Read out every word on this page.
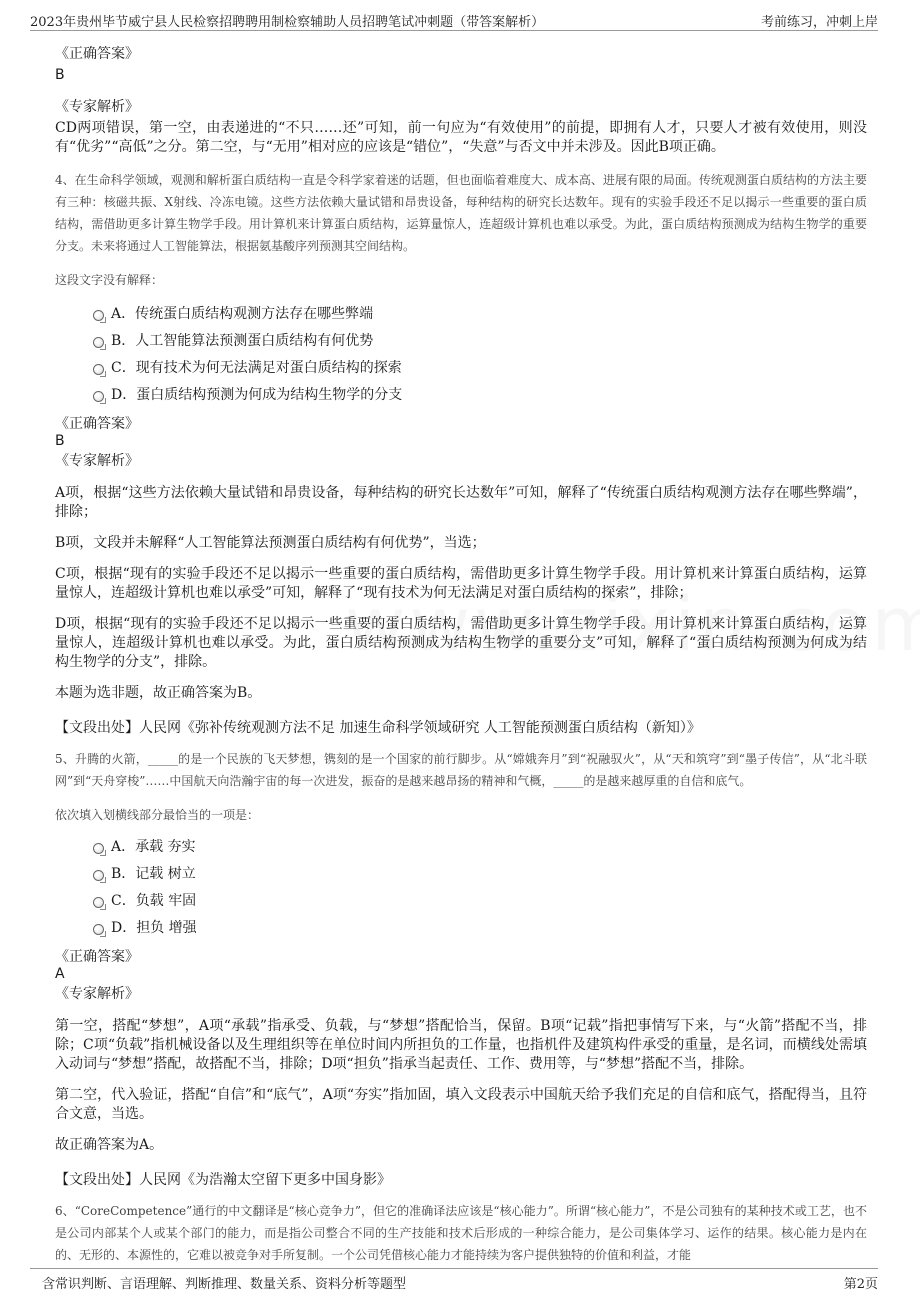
2023年贵州毕节威宁县人民检察招聘聘用制检察辅助人员招聘笔试冲刺题（带答案解析）	考前练习，冲刺上岸
《正确答案》
B
《专家解析》
CD两项错误，第一空，由表递进的“不只……还”可知，前一句应为“有效使用”的前提，即拥有人才，只要人才被有效使用，则没有“优劣”“高低”之分。第二空，与“无用”相对应的应该是“错位”，“失意”与否文中并未涉及。因此B项正确。
4、在生命科学领域，观测和解析蛋白质结构一直是令科学家着迷的话题，但也面临着难度大、成本高、进展有限的局面。传统观测蛋白质结构的方法主要有三种：核磁共振、X射线、冷冻电镜。这些方法依赖大量试错和昂贵设备，每种结构的研究长达数年。现有的实验手段还不足以揭示一些重要的蛋白质结构，需借助更多计算生物学手段。用计算机来计算蛋白质结构，运算量惊人，连超级计算机也难以承受。为此，蛋白质结构预测成为结构生物学的重要分支。未来将通过人工智能算法，根据氨基酸序列预测其空间结构。
这段文字没有解释：
A．传统蛋白质结构观测方法存在哪些弊端
B．人工智能算法预测蛋白质结构有何优势
C．现有技术为何无法满足对蛋白质结构的探索
D．蛋白质结构预测为何成为结构生物学的分支
《正确答案》
B
《专家解析》
A项，根据“这些方法依赖大量试错和昂贵设备，每种结构的研究长达数年”可知，解释了“传统蛋白质结构观测方法存在哪些弊端”，排除；
B项，文段并未解释“人工智能算法预测蛋白质结构有何优势”，当选；
C项，根据“现有的实验手段还不足以揭示一些重要的蛋白质结构，需借助更多计算生物学手段。用计算机来计算蛋白质结构，运算量惊人，连超级计算机也难以承受”可知，解释了“现有技术为何无法满足对蛋白质结构的探索”，排除；
D项，根据“现有的实验手段还不足以揭示一些重要的蛋白质结构，需借助更多计算生物学手段。用计算机来计算蛋白质结构，运算量惊人，连超级计算机也难以承受。为此，蛋白质结构预测成为结构生物学的重要分支”可知，解释了“蛋白质结构预测为何成为结构生物学的分支”，排除。
本题为选非题，故正确答案为B。
【文段出处】人民网《弥补传统观测方法不足 加速生命科学领域研究 人工智能预测蛋白质结构（新知）》
5、升腾的火箭，_____的是一个民族的飞天梦想，镌刻的是一个国家的前行脚步。从“嫦娥奔月”到“祝融驭火”，从“天和筑穹”到“墨子传信”，从“北斗联网”到“天舟穿梭”……中国航天向浩瀚宇宙的每一次进发，振奋的是越来越昂扬的精神和气概，_____的是越来越厚重的自信和底气。
依次填入划横线部分最恰当的一项是：
A．承载 夯实
B．记载 树立
C．负载 牢固
D．担负 增强
《正确答案》
A
《专家解析》
第一空，搭配“梦想”，A项“承载”指承受、负载，与“梦想”搭配恰当，保留。B项“记载”指把事情写下来，与“火箭”搭配不当，排除；C项“负载”指机械设备以及生理组织等在单位时间内所担负的工作量，也指机件及建筑构件承受的重量，是名词，而横线处需填入动词与“梦想”搭配，故搭配不当，排除；D项“担负”指承当起责任、工作、费用等，与“梦想”搭配不当，排除。
第二空，代入验证，搭配“自信”和“底气”，A项“夯实”指加固，填入文段表示中国航天给予我们充足的自信和底气，搭配得当，且符合文意，当选。
故正确答案为A。
【文段出处】人民网《为浩瀚太空留下更多中国身影》
6、“CoreCompetence”通行的中文翻译是“核心竞争力”，但它的准确译法应该是“核心能力”。所谓“核心能力”，不是公司独有的某种技术或工艺，也不是公司内部某个人或某个部门的能力，而是指公司整合不同的生产技能和技术后形成的一种综合能力，是公司集体学习、运作的结果。核心能力是内在的、无形的、本源性的，它难以被竞争对手所复制。一个公司凭借核心能力才能持续为客户提供独特的价值和利益，才能
含常识判断、言语理解、判断推理、数量关系、资料分析等题型	第2页
